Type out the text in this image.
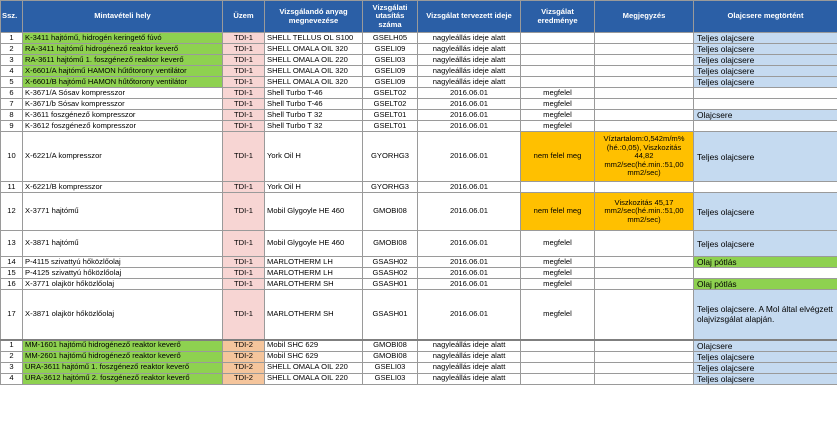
Ssz.	Mintavételi hely	Üzem	Vizsgálandó anyag megnevezése	Vizsgálati utasítás száma	Vizsgálat tervezett ideje	Vizsgálat eredménye	Megjegyzés	Olajcsere megtörtént
1	K-3411 hajtómű, hidrogén keringető fúvó	TDI-1	SHELL TELLUS OL S100	GSELH05	nagyleállás ideje alatt			Teljes olajcsere
2	RA-3411 hajtómű hidrogénező reaktor keverő	TDI-1	SHELL OMALA OIL 320	GSELI09	nagyleállás ideje alatt			Teljes olajcsere
3	RA-3611 hajtómű 1. foszgénező reaktor keverő	TDI-1	SHELL OMALA OIL 220	GSELI03	nagyleállás ideje alatt			Teljes olajcsere
4	X-6601/A hajtómű HAMON hűtőtorony ventilátor	TDI-1	SHELL OMALA OIL 320	GSELI09	nagyleállás ideje alatt			Teljes olajcsere
5	X-6601/B hajtómű HAMON hűtőtorony ventilátor	TDI-1	SHELL OMALA OIL 320	GSELI09	nagyleállás ideje alatt			Teljes olajcsere
6	K-3671/A Sósav kompresszor	TDI-1	Shell Turbo T-46	GSELT02	2016.06.01	megfelel		
7	K-3671/b Sósav kompresszor	TDI-1	Shell Turbo T-46	GSELT02	2016.06.01	megfelel		
8	K-3611 foszgénező kompresszor	TDI-1	Shell Turbo T 32	GSELT01	2016.06.01	megfelel		Olajcsere
9	K-3612 foszgénező kompresszor	TDI-1	Shell Turbo T 32	GSELT01	2016.06.01	megfelel		
10	X-6221/A kompresszor	TDI-1	York Oil H	GYORHG3	2016.06.01	nem felel meg	Víztartalom:0,542m/m%(hé.:0,05), Viszkozitás 44,82 mm2/sec(hé.min.:51,00 mm2/sec)	Teljes olajcsere
11	X-6221/B kompresszor	TDI-1	York Oil H	GYORHG3	2016.06.01			
12	X-3771 hajtómű	TDI-1	Mobil Glygoyle HE 460	GMOBI08	2016.06.01	nem felel meg	Viszkozitás 45,17 mm2/sec(hé.min.:51,00 mm2/sec)	Teljes olajcsere
13	X-3871 hajtómű	TDI-1	Mobil Glygoyle HE 460	GMOBI08	2016.06.01	megfelel		Teljes olajcsere
14	P-4115 szivattyú hőközlőolaj	TDI-1	MARLOTHERM LH	GSASH02	2016.06.01	megfelel		Olaj pótlás
15	P-4125 szivattyú hőközlőolaj	TDI-1	MARLOTHERM LH	GSASH02	2016.06.01	megfelel		
16	X-3771 olajkör hőközlőolaj	TDI-1	MARLOTHERM SH	GSASH01	2016.06.01	megfelel		Olaj pótlás
17	X-3871 olajkör hőközlőolaj	TDI-1	MARLOTHERM SH	GSASH01	2016.06.01	megfelel		Teljes olajcsere. A Mol által elvégzett olajvizsgálat alapján.
1	MM-1601 hajtómű hidrogénező reaktor keverő	TDI-2	Mobil SHC 629	GMOBI08	nagyleállás ideje alatt			Olajcsere
2	MM-2601 hajtómű hidrogénező reaktor keverő	TDI-2	Mobil SHC 629	GMOBI08	nagyleállás ideje alatt			Teljes olajcsere
3	URA-3611 hajtómű 1. foszgénező reaktor keverő	TDI-2	SHELL OMALA OIL 220	GSELI03	nagyleállás ideje alatt			Teljes olajcsere
4	URA-3612 hajtómű 2. foszgénező reaktor keverő	TDI-2	SHELL OMALA OIL 220	GSELI03	nagyleállás ideje alatt			Teljes olajcsere
